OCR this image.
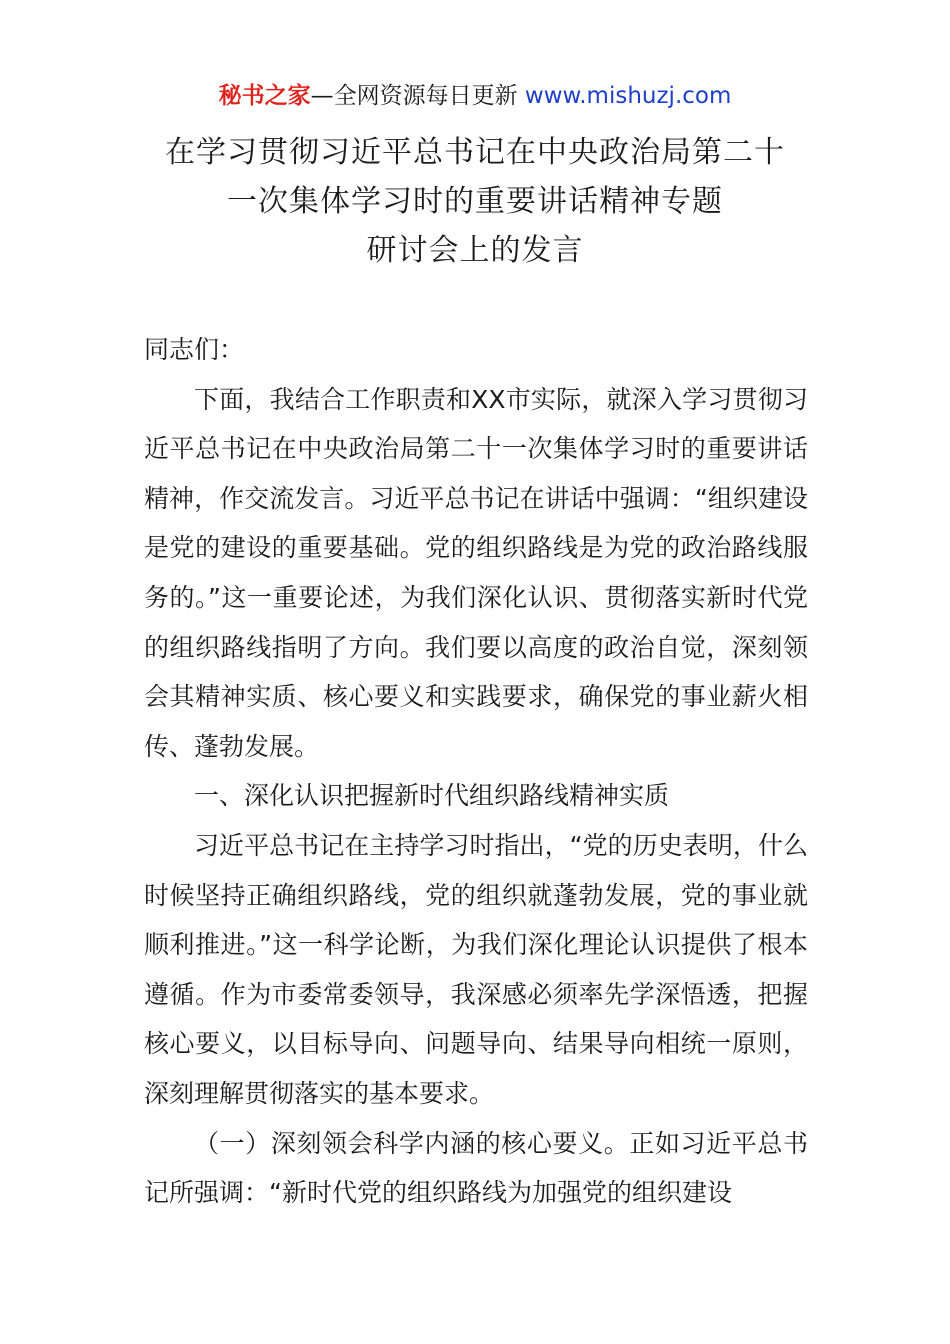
秘书之家—全网资源每日更新 www.mishuzj.com
在学习贯彻习近平总书记在中央政治局第二十
一次集体学习时的重要讲话精神专题
研讨会上的发言

同志们：

下面，我结合工作职责和XX市实际，就深入学习贯彻习近平总书记在中央政治局第二十一次集体学习时的重要讲话精神，作交流发言。习近平总书记在讲话中强调：“组织建设是党的建设的重要基础。党的组织路线是为党的政治路线服务的。”这一重要论述，为我们深化认识、贯彻落实新时代党的组织路线指明了方向。我们要以高度的政治自觉，深刻领会其精神实质、核心要义和实践要求，确保党的事业薪火相传、蓬勃发展。

一、深化认识把握新时代组织路线精神实质

习近平总书记在主持学习时指出，“党的历史表明，什么时候坚持正确组织路线，党的组织就蓬勃发展，党的事业就顺利推进。”这一科学论断，为我们深化理论认识提供了根本遵循。作为市委常委领导，我深感必须率先学深悟透，把握核心要义，以目标导向、问题导向、结果导向相统一原则，深刻理解贯彻落实的基本要求。

（一）深刻领会科学内涵的核心要义。正如习近平总书记所强调：“新时代党的组织路线为加强党的组织建设
